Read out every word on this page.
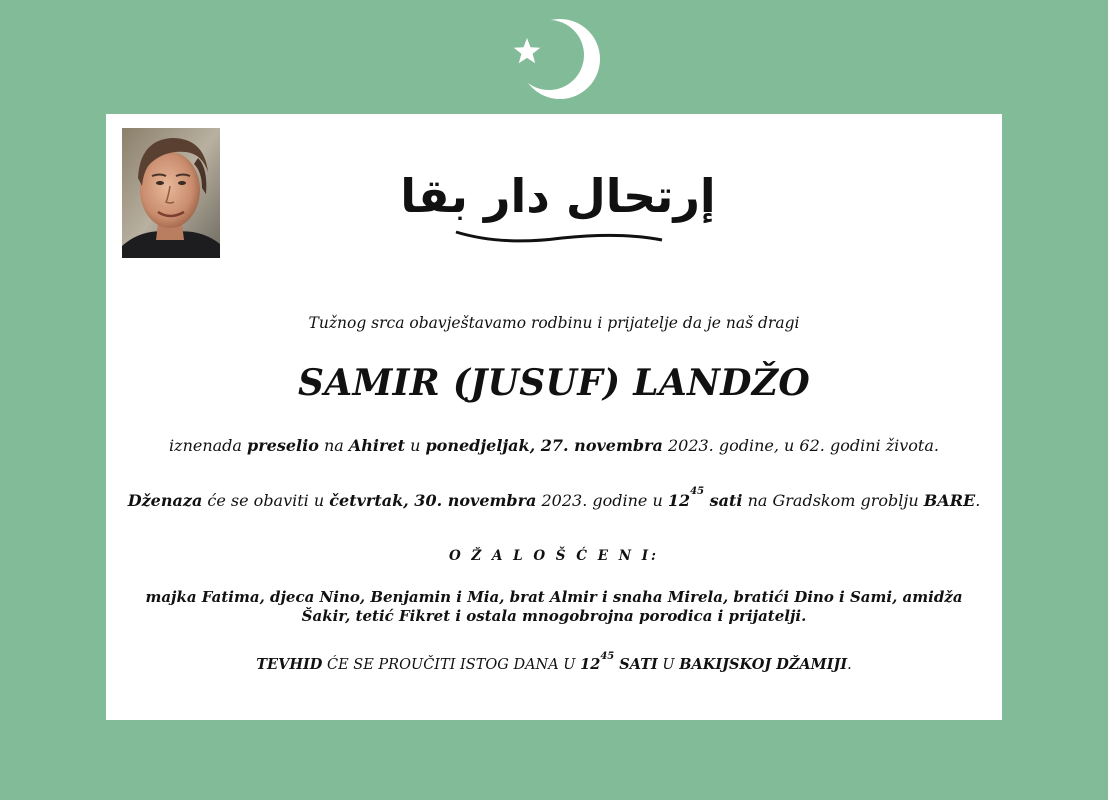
إرتحال دار بقا
Tužnog srca obavještavamo rodbinu i prijatelje da je naš dragi
SAMIR (JUSUF) LANDŽO
iznenada preselio na Ahiret u ponedjeljak, 27. novembra 2023. godine, u 62. godini života.
Dženaza će se obaviti u četvrtak, 30. novembra 2023. godine u $12^{45}$ sati na Gradskom groblju BARE.
O Ž A L O Š Ć E N I:
majka Fatima, djeca Nino, Benjamin i Mia, brat Almir i snaha Mirela, bratići Dino i Sami, amidža
Šakir, tetić Fikret i ostala mnogobrojna porodica i prijatelji.
TEVHID ĆE SE PROUČITI ISTOG DANA U $12^{45}$ SATI U BAKIJSKOJ DŽAMIJI.
